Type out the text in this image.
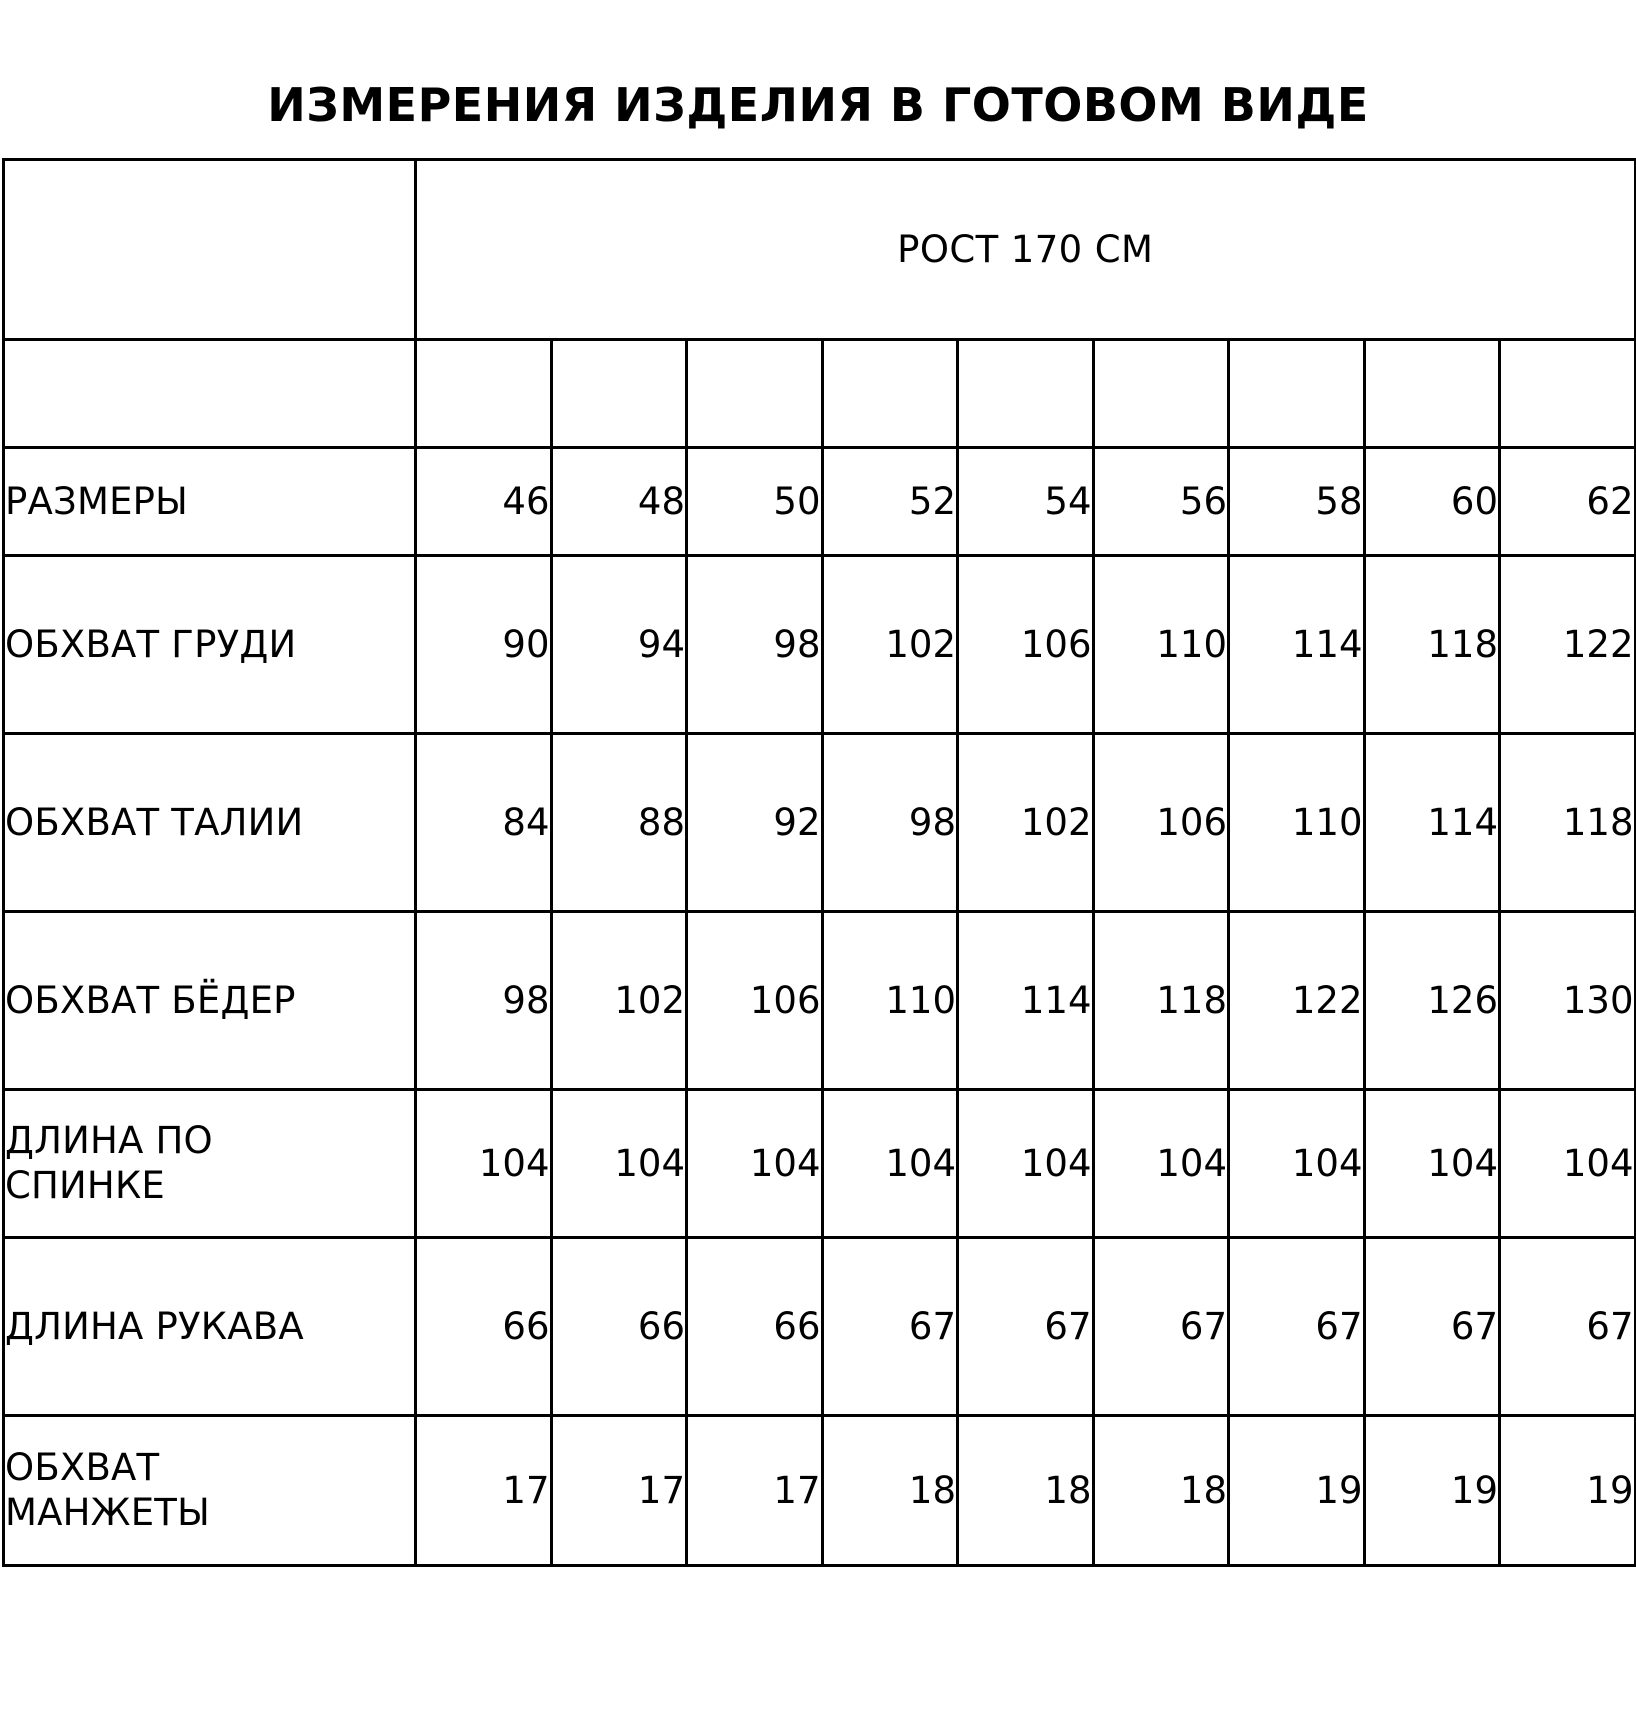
ИЗМЕРЕНИЯ ИЗДЕЛИЯ В ГОТОВОМ ВИДЕ
	РОСТ 170 СМ								

РАЗМЕРЫ	46	48	50	52	54	56	58	60	62
ОБХВАТ ГРУДИ	90	94	98	102	106	110	114	118	122
ОБХВАТ ТАЛИИ	84	88	92	98	102	106	110	114	118
ОБХВАТ БЁДЕР	98	102	106	110	114	118	122	126	130

ДЛИНА ПО
СПИНКЕ	104	104	104	104	104	104	104	104	104
ДЛИНА РУКАВА	66	66	66	67	67	67	67	67	67

ОБХВАТ
МАНЖЕТЫ	17	17	17	18	18	18	19	19	19
